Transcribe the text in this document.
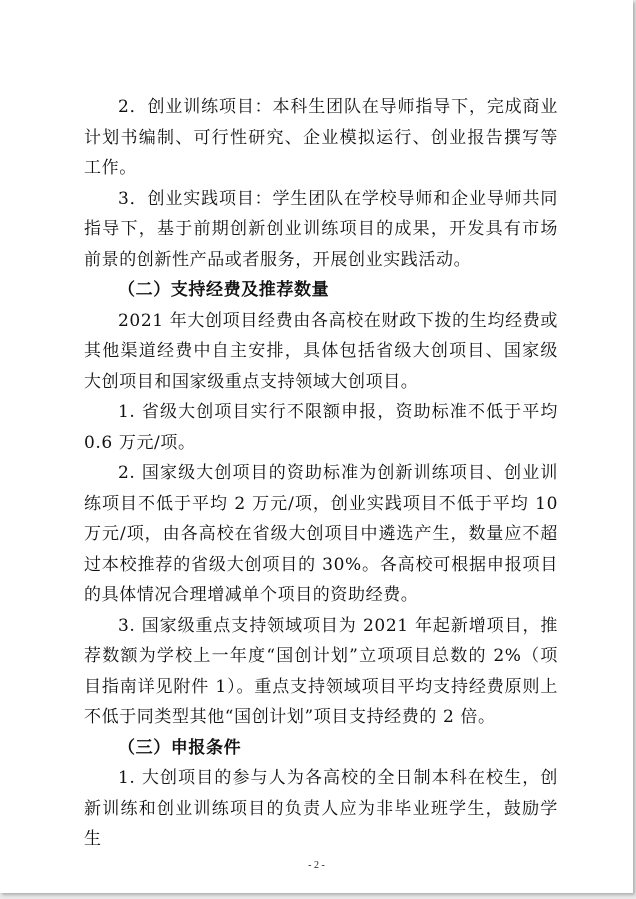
2．创业训练项目：本科生团队在导师指导下，完成商业计划书编制、可行性研究、企业模拟运行、创业报告撰写等工作。

3．创业实践项目：学生团队在学校导师和企业导师共同指导下，基于前期创新创业训练项目的成果，开发具有市场前景的创新性产品或者服务，开展创业实践活动。

（二）支持经费及推荐数量

2021 年大创项目经费由各高校在财政下拨的生均经费或其他渠道经费中自主安排，具体包括省级大创项目、国家级大创项目和国家级重点支持领域大创项目。

1. 省级大创项目实行不限额申报，资助标准不低于平均 0.6 万元/项。

2. 国家级大创项目的资助标准为创新训练项目、创业训练项目不低于平均 2 万元/项，创业实践项目不低于平均 10 万元/项，由各高校在省级大创项目中遴选产生，数量应不超过本校推荐的省级大创项目的 30%。各高校可根据申报项目的具体情况合理增减单个项目的资助经费。

3. 国家级重点支持领域项目为 2021 年起新增项目，推荐数额为学校上一年度“国创计划”立项项目总数的 2%（项目指南详见附件 1）。重点支持领域项目平均支持经费原则上不低于同类型其他“国创计划”项目支持经费的 2 倍。

（三）申报条件

1. 大创项目的参与人为各高校的全日制本科在校生，创新训练和创业训练项目的负责人应为非毕业班学生，鼓励学生

- 2 -
